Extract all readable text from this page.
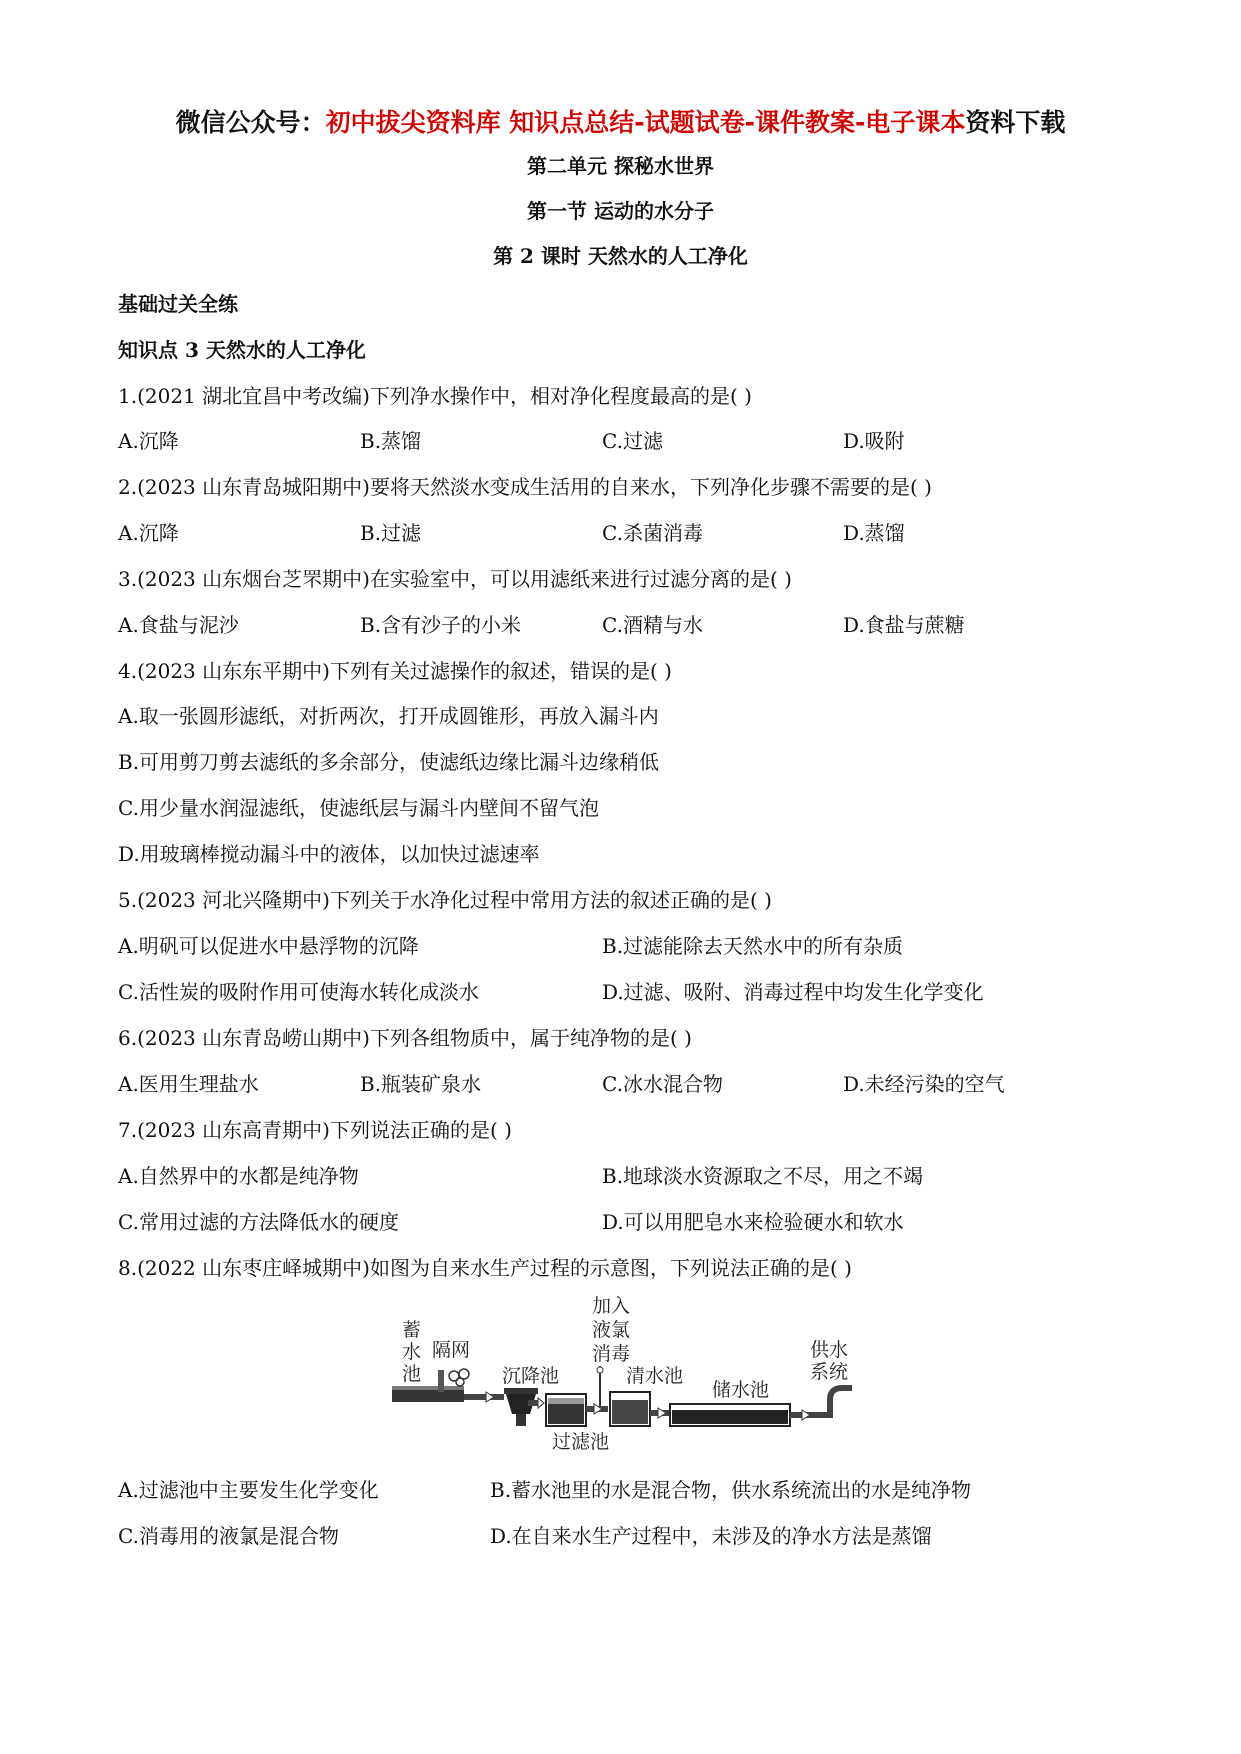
微信公众号：初中拔尖资料库 知识点总结-试题试卷-课件教案-电子课本资料下载
第二单元 探秘水世界
第一节 运动的水分子
第 2 课时 天然水的人工净化
基础过关全练
知识点 3 天然水的人工净化
1.(2021 湖北宜昌中考改编)下列净水操作中，相对净化程度最高的是( )
A.沉降	B.蒸馏	C.过滤	D.吸附
2.(2023 山东青岛城阳期中)要将天然淡水变成生活用的自来水，下列净化步骤不需要的是( )
A.沉降	B.过滤	C.杀菌消毒	D.蒸馏
3.(2023 山东烟台芝罘期中)在实验室中，可以用滤纸来进行过滤分离的是( )
A.食盐与泥沙	B.含有沙子的小米	C.酒精与水	D.食盐与蔗糖
4.(2023 山东东平期中)下列有关过滤操作的叙述，错误的是( )
A.取一张圆形滤纸，对折两次，打开成圆锥形，再放入漏斗内
B.可用剪刀剪去滤纸的多余部分，使滤纸边缘比漏斗边缘稍低
C.用少量水润湿滤纸，使滤纸层与漏斗内壁间不留气泡
D.用玻璃棒搅动漏斗中的液体，以加快过滤速率
5.(2023 河北兴隆期中)下列关于水净化过程中常用方法的叙述正确的是( )
A.明矾可以促进水中悬浮物的沉降	B.过滤能除去天然水中的所有杂质
C.活性炭的吸附作用可使海水转化成淡水	D.过滤、吸附、消毒过程中均发生化学变化
6.(2023 山东青岛崂山期中)下列各组物质中，属于纯净物的是( )
A.医用生理盐水	B.瓶装矿泉水	C.冰水混合物	D.未经污染的空气
7.(2023 山东高青期中)下列说法正确的是( )
A.自然界中的水都是纯净物	B.地球淡水资源取之不尽，用之不竭
C.常用过滤的方法降低水的硬度	D.可以用肥皂水来检验硬水和软水
8.(2022 山东枣庄峄城期中)如图为自来水生产过程的示意图，下列说法正确的是( )
蓄
水
池
隔网
沉降池
加入
液氯
消毒
清水池
储水池
供水
系统
过滤池
A.过滤池中主要发生化学变化	B.蓄水池里的水是混合物，供水系统流出的水是纯净物
C.消毒用的液氯是混合物	D.在自来水生产过程中，未涉及的净水方法是蒸馏
